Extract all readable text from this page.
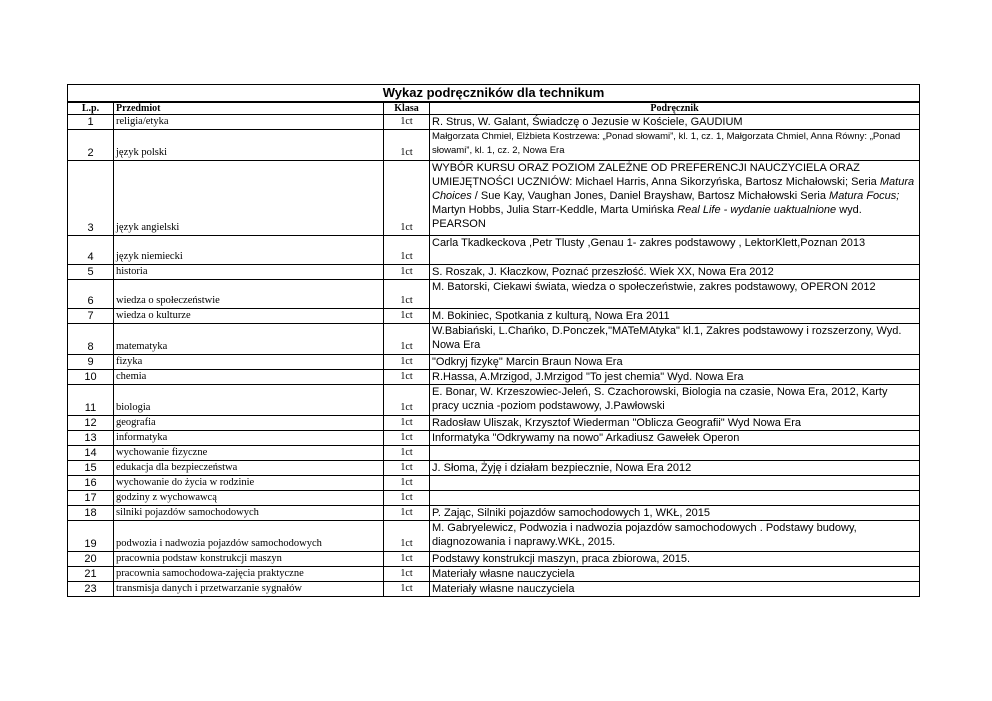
Wykaz podręczników dla technikum			
L.p.	Przedmiot	Klasa	Podręcznik
1	religia/etyka	1ct	R. Strus, W. Galant, Świadczę o Jezusie w Kościele, GAUDIUM
2	język polski	1ct	Małgorzata Chmiel, Elżbieta Kostrzewa: „Ponad słowami”, kl. 1, cz. 1, Małgorzata Chmiel, Anna Równy: „Ponad słowami”, kl. 1, cz. 2, Nowa Era
3	język angielski	1ct	WYBÓR KURSU ORAZ POZIOM ZALEŻNE OD PREFERENCJI NAUCZYCIELA ORAZ UMIEJĘTNOŚCI UCZNIÓW: Michael Harris, Anna Sikorzyńska, Bartosz Michałowski; Seria Matura Choices / Sue Kay, Vaughan Jones, Daniel Brayshaw, Bartosz Michałowski Seria Matura Focus; Martyn Hobbs, Julia Starr-Keddle, Marta Umińska Real Life - wydanie uaktualnione wyd. PEARSON
4	język niemiecki	1ct	Carla Tkadkeckova ,Petr Tlusty ,Genau 1- zakres podstawowy , LektorKlett,Poznan 2013
5	historia	1ct	S. Roszak, J. Kłaczkow, Poznać przeszłość. Wiek XX, Nowa Era 2012
6	wiedza o społeczeństwie	1ct	M. Batorski, Ciekawi świata, wiedza o społeczeństwie, zakres podstawowy, OPERON 2012
7	wiedza o kulturze	1ct	M. Bokiniec, Spotkania z kulturą, Nowa Era 2011
8	matematyka	1ct	W.Babiański, L.Chańko, D.Ponczek,"MATeMAtyka" kl.1, Zakres podstawowy i rozszerzony, Wyd. Nowa Era
9	fizyka	1ct	"Odkryj fizykę" Marcin Braun Nowa Era
10	chemia	1ct	R.Hassa, A.Mrzigod, J.Mrzigod "To jest chemia" Wyd. Nowa Era
11	biologia	1ct	E. Bonar, W. Krzeszowiec-Jeleń, S. Czachorowski, Biologia na czasie, Nowa Era, 2012, Karty pracy ucznia -poziom podstawowy, J.Pawłowski
12	geografia	1ct	Radosław Uliszak, Krzysztof Wiederman "Oblicza Geografii" Wyd Nowa Era
13	informatyka	1ct	Informatyka "Odkrywamy na nowo" Arkadiusz Gawełek Operon
14	wychowanie fizyczne	1ct	
15	edukacja dla bezpieczeństwa	1ct	J. Słoma, Żyję i działam bezpiecznie, Nowa Era 2012
16	wychowanie do życia w rodzinie	1ct	
17	godziny z wychowawcą	1ct	
18	silniki pojazdów samochodowych	1ct	P. Zając, Silniki pojazdów samochodowych 1, WKŁ, 2015
19	podwozia i nadwozia pojazdów samochodowych	1ct	M. Gabryelewicz, Podwozia i nadwozia pojazdów samochodowych . Podstawy budowy, diagnozowania i naprawy.WKŁ, 2015.
20	pracownia podstaw konstrukcji maszyn	1ct	Podstawy konstrukcji maszyn, praca zbiorowa, 2015.
21	pracownia samochodowa-zajęcia praktyczne	1ct	Materiały własne nauczyciela
23	transmisja danych i przetwarzanie sygnałów	1ct	Materiały własne nauczyciela
